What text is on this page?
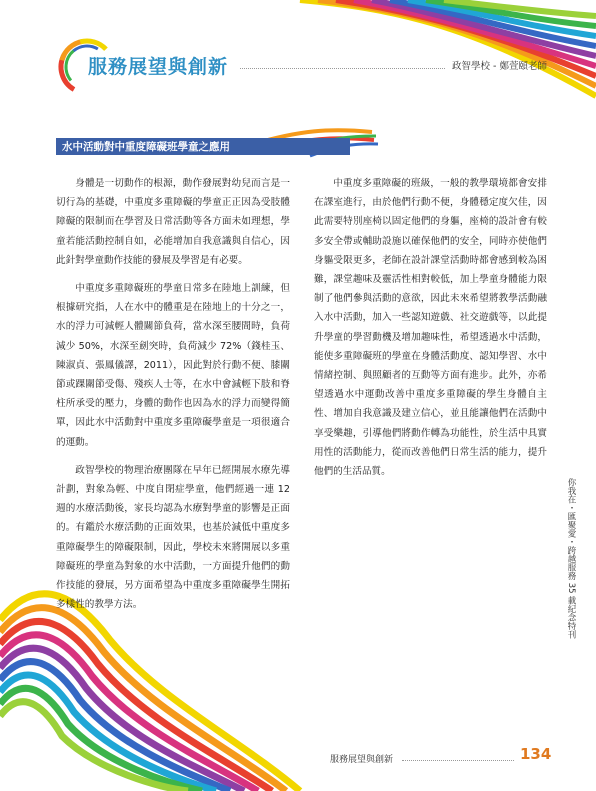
服務展望與創新	政智學校 - 鄭萱頤老師
水中活動對中重度障礙班學童之應用

身體是一切動作的根源，動作發展對幼兒而言是一切行為的基礎，中重度多重障礙的學童正正因為受肢體障礙的限制而在學習及日常活動等各方面未如理想，學童若能活動控制自如，必能增加自我意識與自信心，因此針對學童動作技能的發展及學習是有必要。

中重度多重障礙班的學童日常多在陸地上訓練，但根據研究指，人在水中的體重是在陸地上的十分之一，水的浮力可減輕人體關節負荷，當水深至腰間時，負荷減少 50%，水深至劍突時，負荷減少 72%（錢桂玉、陳淑貞、張鳳儀譯，2011），因此對於行動不便、膝關節或踝關節受傷、殘疾人士等，在水中會減輕下肢和脊柱所承受的壓力，身體的動作也因為水的浮力而變得簡單，因此水中活動對中重度多重障礙學童是一項很適合的運動。

政智學校的物理治療團隊在早年已經開展水療先導計劃，對象為輕、中度自閉症學童，他們經過一連 12 週的水療活動後，家長均認為水療對學童的影響是正面的。有鑑於水療活動的正面效果，也基於減低中重度多重障礙學生的障礙限制，因此，學校未來將開展以多重障礙班的學童為對象的水中活動，一方面提升他們的動作技能的發展，另方面希望為中重度多重障礙學生開拓多樣性的教學方法。

中重度多重障礙的班級，一般的教學環境都會安排在課室進行，由於他們行動不便，身體穩定度欠佳，因此需要特別座椅以固定他們的身軀，座椅的設計會有較多安全帶或輔助設施以確保他們的安全，同時亦使他們身軀受限更多，老師在設計課堂活動時都會感到較為困難，課堂趣味及靈活性相對較低，加上學童身體能力限制了他們參與活動的意欲，因此未來希望將教學活動融入水中活動，加入一些認知遊戲、社交遊戲等，以此提升學童的學習動機及增加趣味性，希望透過水中活動，能使多重障礙班的學童在身體活動度、認知學習、水中情緒控制、與照顧者的互動等方面有進步。此外，亦希望透過水中運動改善中重度多重障礙的學生身體自主性、增加自我意識及建立信心，並且能讓他們在活動中享受樂趣，引導他們將動作轉為功能性，於生活中具實用性的活動能力，從而改善他們日常生活的能力，提升他們的生活品質。

你我在・匯聚愛・跨越服務 35 載紀念特刊
服務展望與創新	134
